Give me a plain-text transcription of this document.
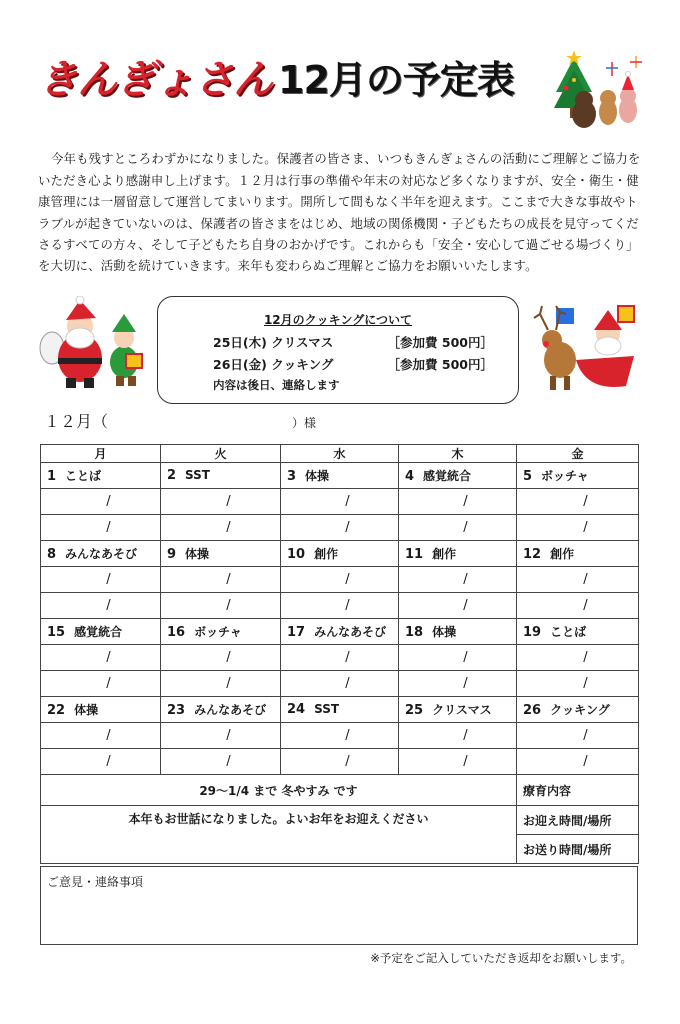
きんぎょさん 12月の予定表

今年も残すところわずかになりました。保護者の皆さま、いつもきんぎょさんの活動にご理解とご協力をいただき心より感謝申し上げます。１２月は行事の準備や年末の対応など多くなりますが、安全・衛生・健康管理には一層留意して運営してまいります。開所して間もなく半年を迎えます。ここまで大きな事故やトラブルが起きていないのは、保護者の皆さまをはじめ、地域の関係機関・子どもたちの成長を見守ってくださるすべての方々、そして子どもたち自身のおかげです。これからも「安全・安心して過ごせる場づくり」を大切に、活動を続けていきます。来年も変わらぬご理解とご協力をお願いいたします。

12月のクッキングについて
25日(木) クリスマス	［参加費 500円］
26日(金) クッキング	［参加費 500円］
内容は後日、連絡します
１２月（	）様
月	火	水	木	金
1 ことば	2 SST	3 体操	4 感覚統合	5 ボッチャ
/	/	/	/	/
/	/	/	/	/
8 みんなあそび	9 体操	10 創作	11 創作	12 創作
/	/	/	/	/
/	/	/	/	/
15 感覚統合	16 ボッチャ	17 みんなあそび	18 体操	19 ことば
/	/	/	/	/
/	/	/	/	/
22 体操	23 みんなあそび	24 SST	25 クリスマス	26 クッキング
/	/	/	/	/
/	/	/	/	/
29～1/4 まで 冬やすみ です				療育内容
本年もお世話になりました。よいお年をお迎えください				お迎え時間/場所
				お送り時間/場所
ご意見・連絡事項
※予定をご記入していただき返却をお願いします。
